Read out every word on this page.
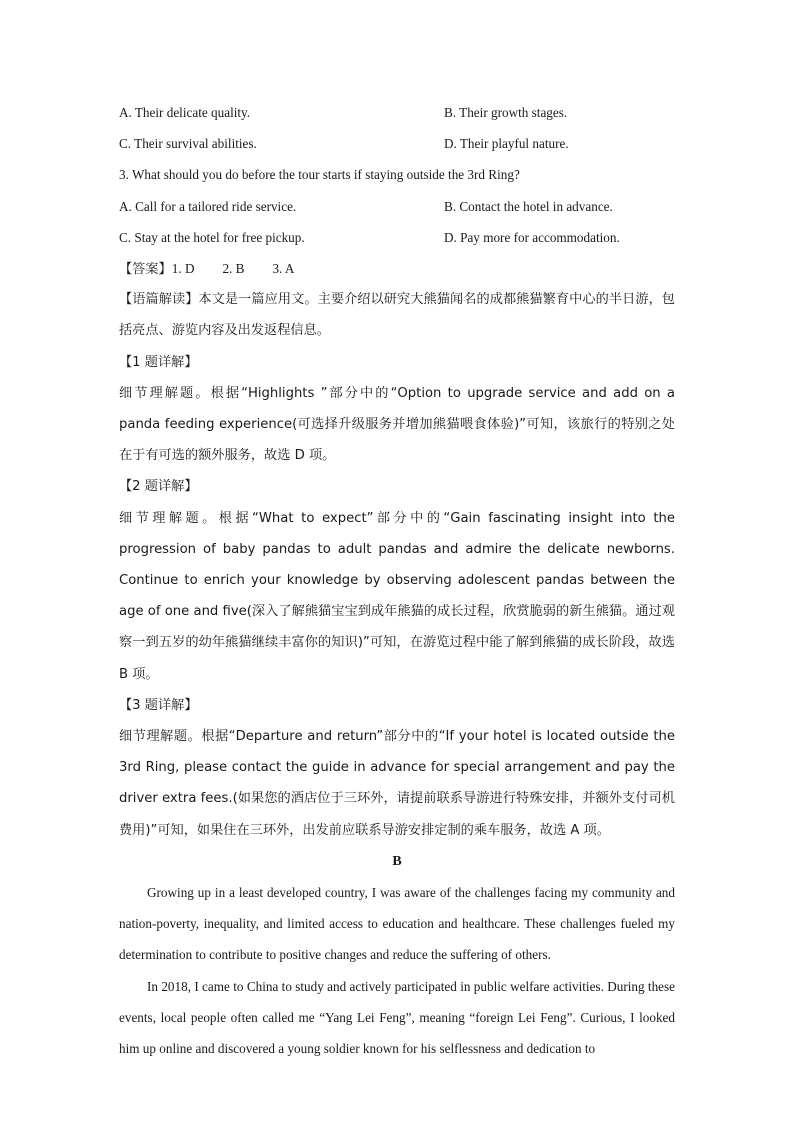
A. Their delicate quality.	B. Their growth stages.
C. Their survival abilities.	D. Their playful nature.
3. What should you do before the tour starts if staying outside the 3rd Ring?
A. Call for a tailored ride service.	B. Contact the hotel in advance.
C. Stay at the hotel for free pickup.	D. Pay more for accommodation.
【答案】1. D 2. B 3. A
【语篇解读】本文是一篇应用文。主要介绍以研究大熊猫闻名的成都熊猫繁育中心的半日游，包括亮点、游览内容及出发返程信息。
【1 题详解】
细节理解题。根据“Highlights ”部分中的“Option to upgrade service and add on a panda feeding experience(可选择升级服务并增加熊猫喂食体验)”可知，该旅行的特别之处在于有可选的额外服务，故选 D 项。
【2 题详解】
细节理解题。根据“What to expect”部分中的“Gain fascinating insight into the progression of baby pandas to adult pandas and admire the delicate newborns. Continue to enrich your knowledge by observing adolescent pandas between the age of one and five(深入了解熊猫宝宝到成年熊猫的成长过程，欣赏脆弱的新生熊猫。通过观察一到五岁的幼年熊猫继续丰富你的知识)”可知，在游览过程中能了解到熊猫的成长阶段，故选 B 项。
【3 题详解】
细节理解题。根据“Departure and return”部分中的“If your hotel is located outside the 3rd Ring, please contact the guide in advance for special arrangement and pay the driver extra fees.(如果您的酒店位于三环外，请提前联系导游进行特殊安排，并额外支付司机费用)”可知，如果住在三环外，出发前应联系导游安排定制的乘车服务，故选 A 项。
B
Growing up in a least developed country, I was aware of the challenges facing my community and nation-poverty, inequality, and limited access to education and healthcare. These challenges fueled my determination to contribute to positive changes and reduce the suffering of others.
In 2018, I came to China to study and actively participated in public welfare activities. During these events, local people often called me “Yang Lei Feng”, meaning “foreign Lei Feng”. Curious, I looked him up online and discovered a young soldier known for his selflessness and dedication to
